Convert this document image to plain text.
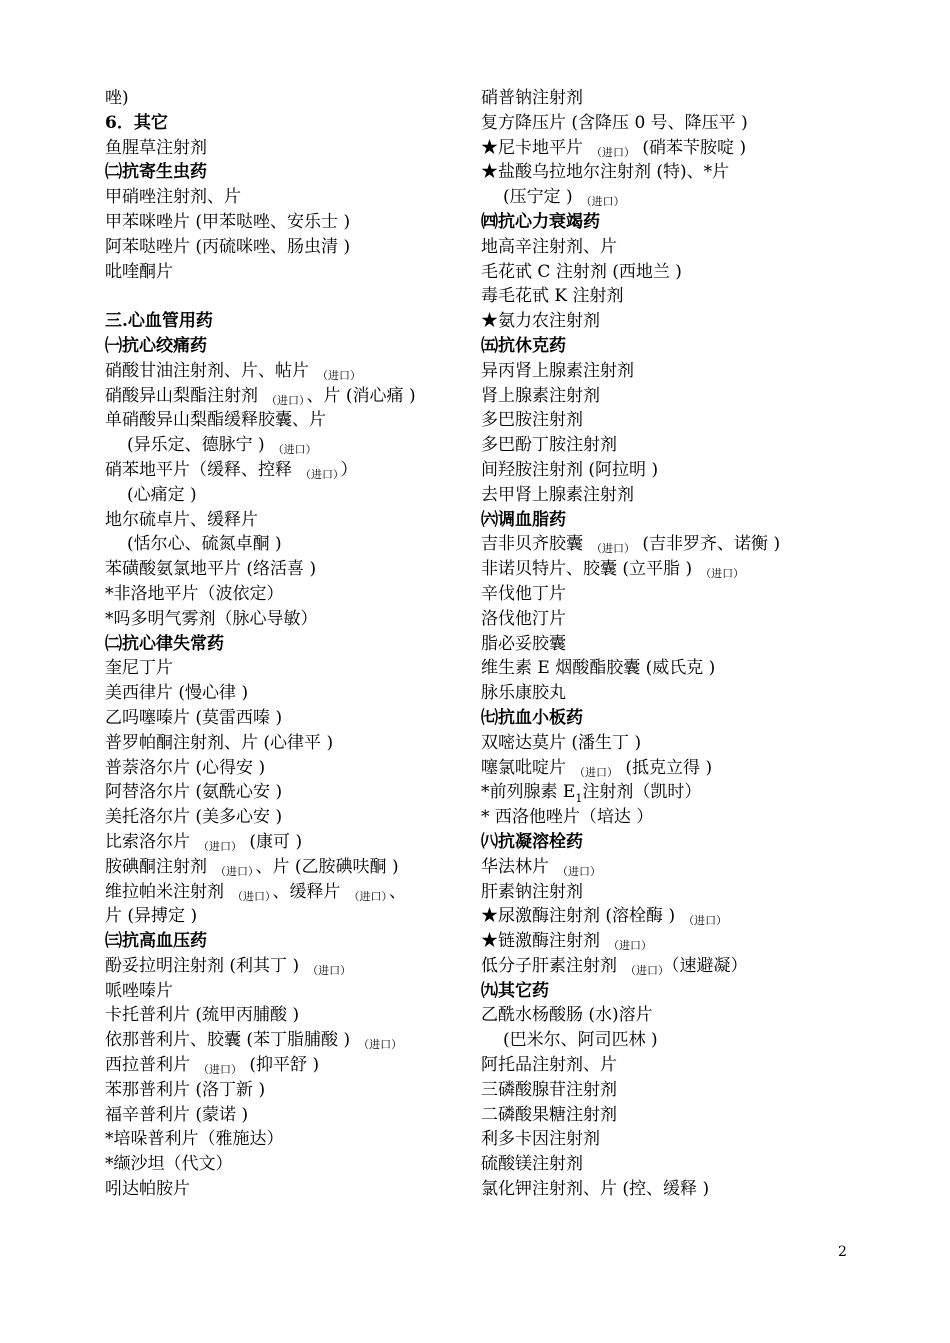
唑)
6．其它
鱼腥草注射剂
㈡抗寄生虫药
甲硝唑注射剂、片
甲苯咪唑片 (甲苯哒唑、安乐士 )
阿苯哒唑片 (丙硫咪唑、肠虫清 )
吡喹酮片
三.心血管用药
㈠抗心绞痛药
硝酸甘油注射剂、片、帖片 （进口）
硝酸异山梨酯注射剂 （进口） 、片 (消心痛 )
单硝酸异山梨酯缓释胶囊、片
(异乐定、德脉宁 ) （进口）
硝苯地平片（缓释、控释 （进口） ）
(心痛定 )
地尔硫卓片、缓释片
(恬尔心、硫氮卓酮 )
苯磺酸氨氯地平片 (络活喜 )
*非洛地平片（波依定）
*吗多明气雾剂（脉心导敏）
㈡抗心律失常药
奎尼丁片
美西律片 (慢心律 )
乙吗噻嗪片 (莫雷西嗪 )
普罗帕酮注射剂、片 (心律平 )
普萘洛尔片 (心得安 )
阿替洛尔片 (氨酰心安 )
美托洛尔片 (美多心安 )
比索洛尔片 （进口） (康可 )
胺碘酮注射剂 （进口） 、片 (乙胺碘呋酮 )
维拉帕米注射剂 （进口） 、缓释片 （进口） 、
片 (异搏定 )
㈢抗高血压药
酚妥拉明注射剂 (利其丁 ) （进口）
哌唑嗪片
卡托普利片 (巯甲丙脯酸 )
依那普利片、胶囊 (苯丁脂脯酸 ) （进口）
西拉普利片 （进口） (抑平舒 )
苯那普利片 (洛丁新 )
福辛普利片 (蒙诺 )
*培哚普利片（雅施达）
*缬沙坦（代文）
吲达帕胺片
硝普钠注射剂
复方降压片 (含降压 0 号、降压平 )
★尼卡地平片 （进口） (硝苯苄胺啶 )
★盐酸乌拉地尔注射剂 (特)、*片
(压宁定 ) （进口）
㈣抗心力衰竭药
地高辛注射剂、片
毛花甙 C 注射剂 (西地兰 )
毒毛花甙 K 注射剂
★氨力农注射剂
㈤抗休克药
异丙肾上腺素注射剂
肾上腺素注射剂
多巴胺注射剂
多巴酚丁胺注射剂
间羟胺注射剂 (阿拉明 )
去甲肾上腺素注射剂
㈥调血脂药
吉非贝齐胶囊 （进口） (吉非罗齐、诺衡 )
非诺贝特片、胶囊 (立平脂 ) （进口）
辛伐他丁片
洛伐他汀片
脂必妥胶囊
维生素 E 烟酸酯胶囊 (威氏克 )
脉乐康胶丸
㈦抗血小板药
双嘧达莫片 (潘生丁 )
噻氯吡啶片 （进口） (抵克立得 )
*前列腺素 $E_1$注射剂（凯时）
* 西洛他唑片（培达 ）
㈧抗凝溶栓药
华法林片 （进口）
肝素钠注射剂
★尿激酶注射剂 (溶栓酶 ) （进口）
★链激酶注射剂 （进口）
低分子肝素注射剂 （进口） （速避凝）
㈨其它药
乙酰水杨酸肠 (水)溶片
(巴米尔、阿司匹林 )
阿托品注射剂、片
三磷酸腺苷注射剂
二磷酸果糖注射剂
利多卡因注射剂
硫酸镁注射剂
氯化钾注射剂、片 (控、缓释 )
2
